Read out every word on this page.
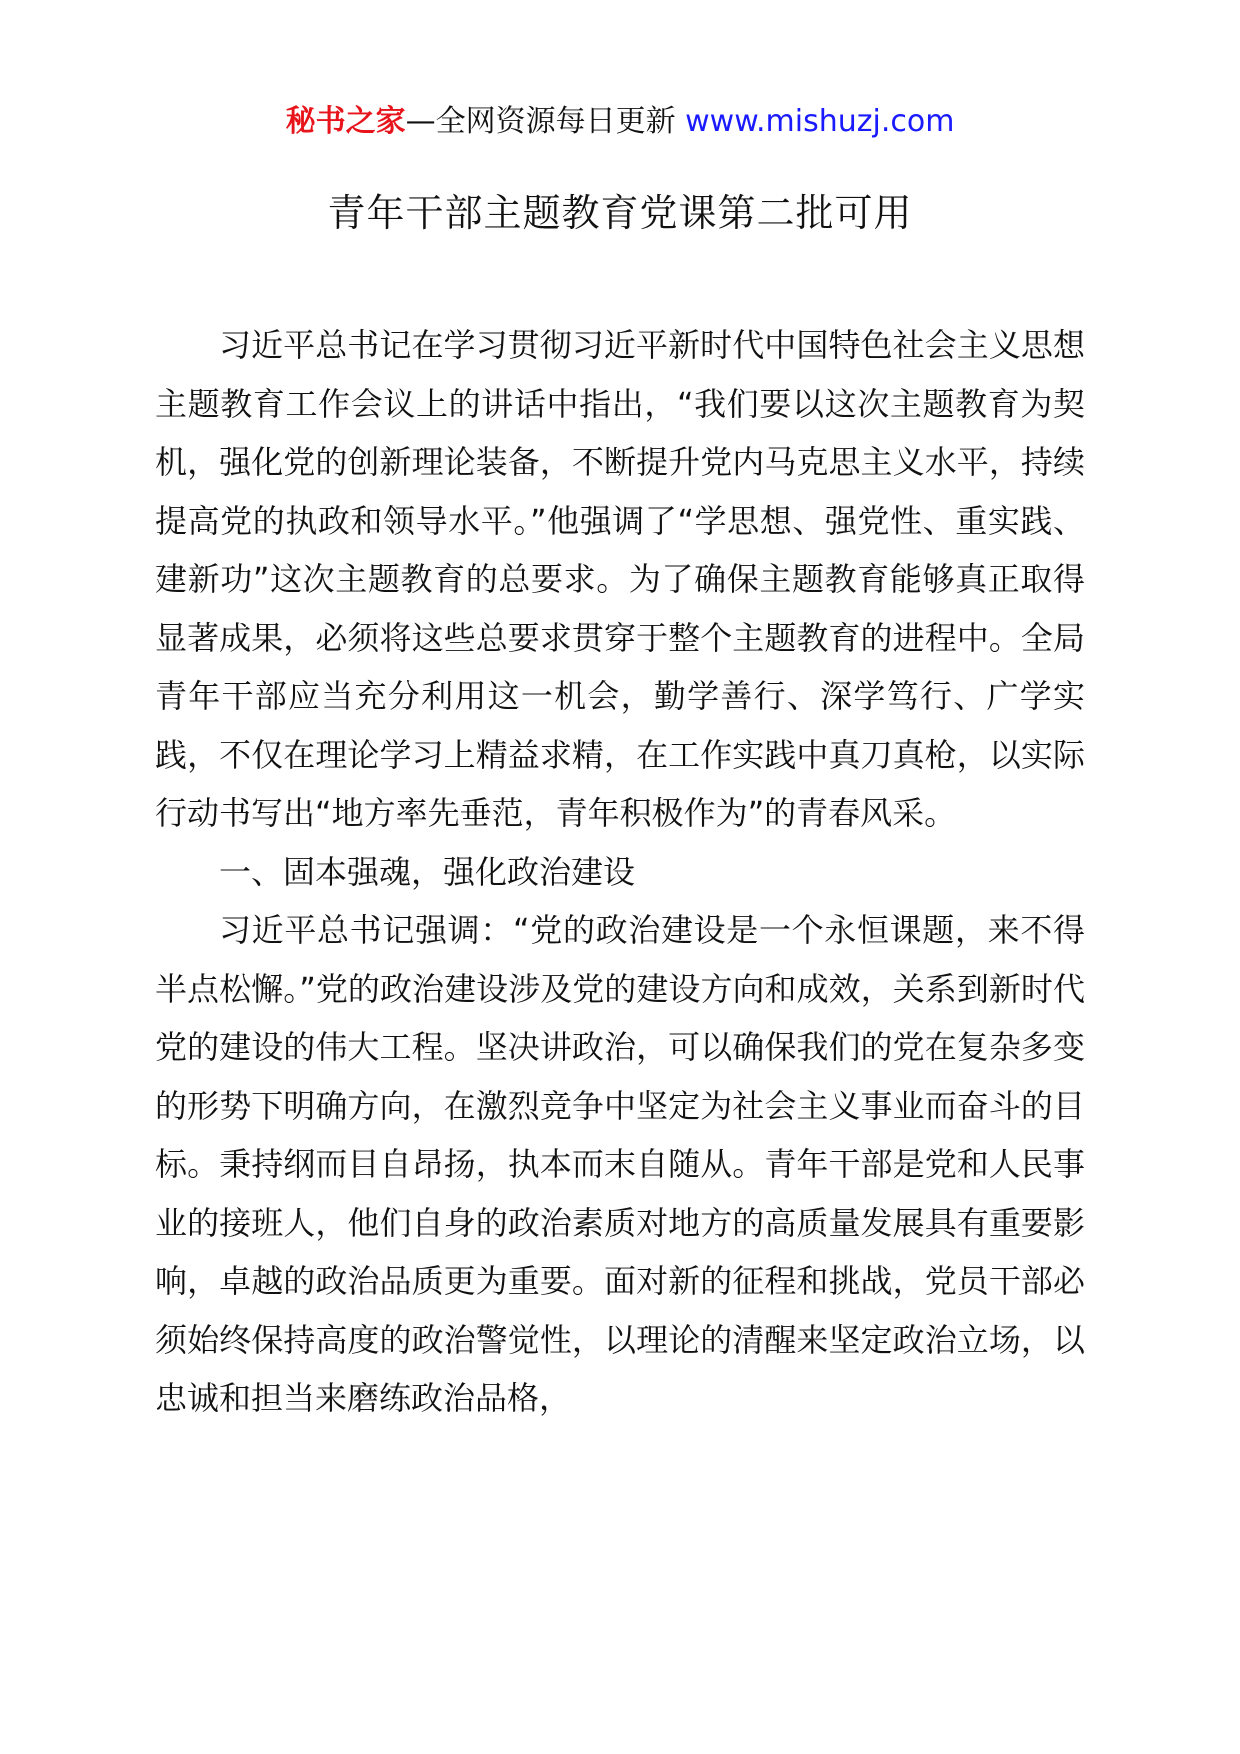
秘书之家—全网资源每日更新 www.mishuzj.com
青年干部主题教育党课第二批可用

习近平总书记在学习贯彻习近平新时代中国特色社会主义思想主题教育工作会议上的讲话中指出，“我们要以这次主题教育为契机，强化党的创新理论装备，不断提升党内马克思主义水平，持续提高党的执政和领导水平。”他强调了“学思想、强党性、重实践、建新功”这次主题教育的总要求。为了确保主题教育能够真正取得显著成果，必须将这些总要求贯穿于整个主题教育的进程中。全局青年干部应当充分利用这一机会，勤学善行、深学笃行、广学实践，不仅在理论学习上精益求精，在工作实践中真刀真枪，以实际行动书写出“地方率先垂范，青年积极作为”的青春风采。

一、固本强魂，强化政治建设

习近平总书记强调：“党的政治建设是一个永恒课题，来不得半点松懈。”党的政治建设涉及党的建设方向和成效，关系到新时代党的建设的伟大工程。坚决讲政治，可以确保我们的党在复杂多变的形势下明确方向，在激烈竞争中坚定为社会主义事业而奋斗的目标。秉持纲而目自昂扬，执本而末自随从。青年干部是党和人民事业的接班人，他们自身的政治素质对地方的高质量发展具有重要影响，卓越的政治品质更为重要。面对新的征程和挑战，党员干部必须始终保持高度的政治警觉性，以理论的清醒来坚定政治立场，以忠诚和担当来磨练政治品格，
